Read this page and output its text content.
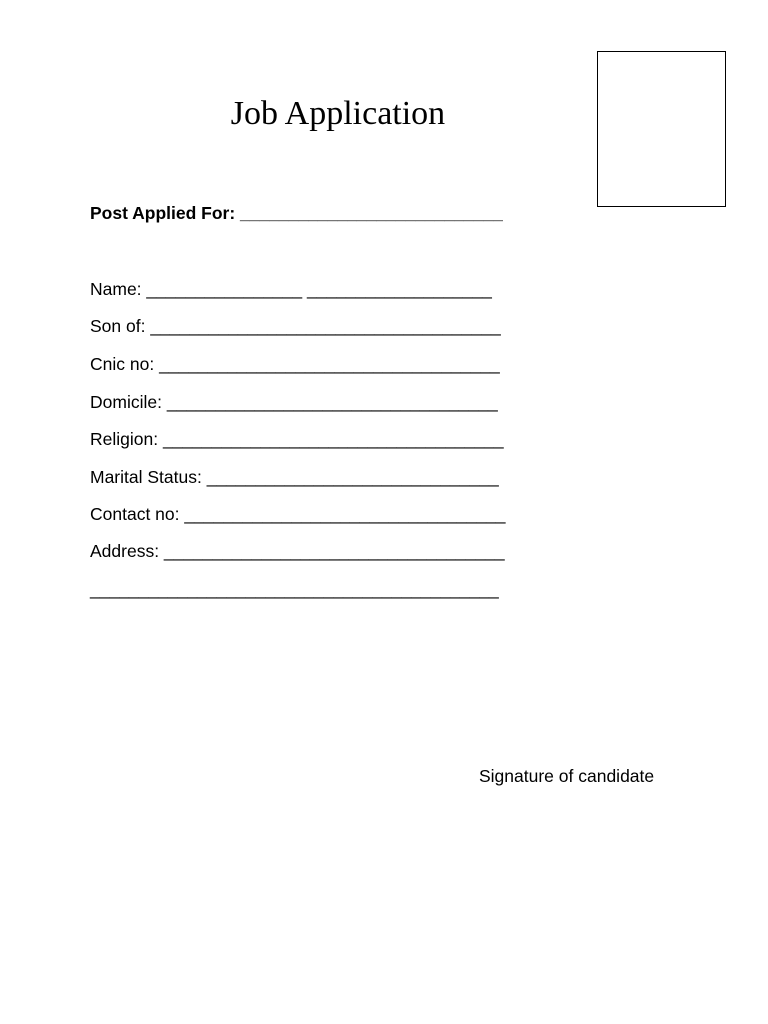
Job Application
Post Applied For: ___________________________
Name: ________________ ___________________
Son of: ____________________________________
Cnic no: ___________________________________
Domicile: __________________________________
Religion: ___________________________________
Marital Status: ______________________________
Contact no: _________________________________
Address: ___________________________________
__________________________________________
Signature of candidate
